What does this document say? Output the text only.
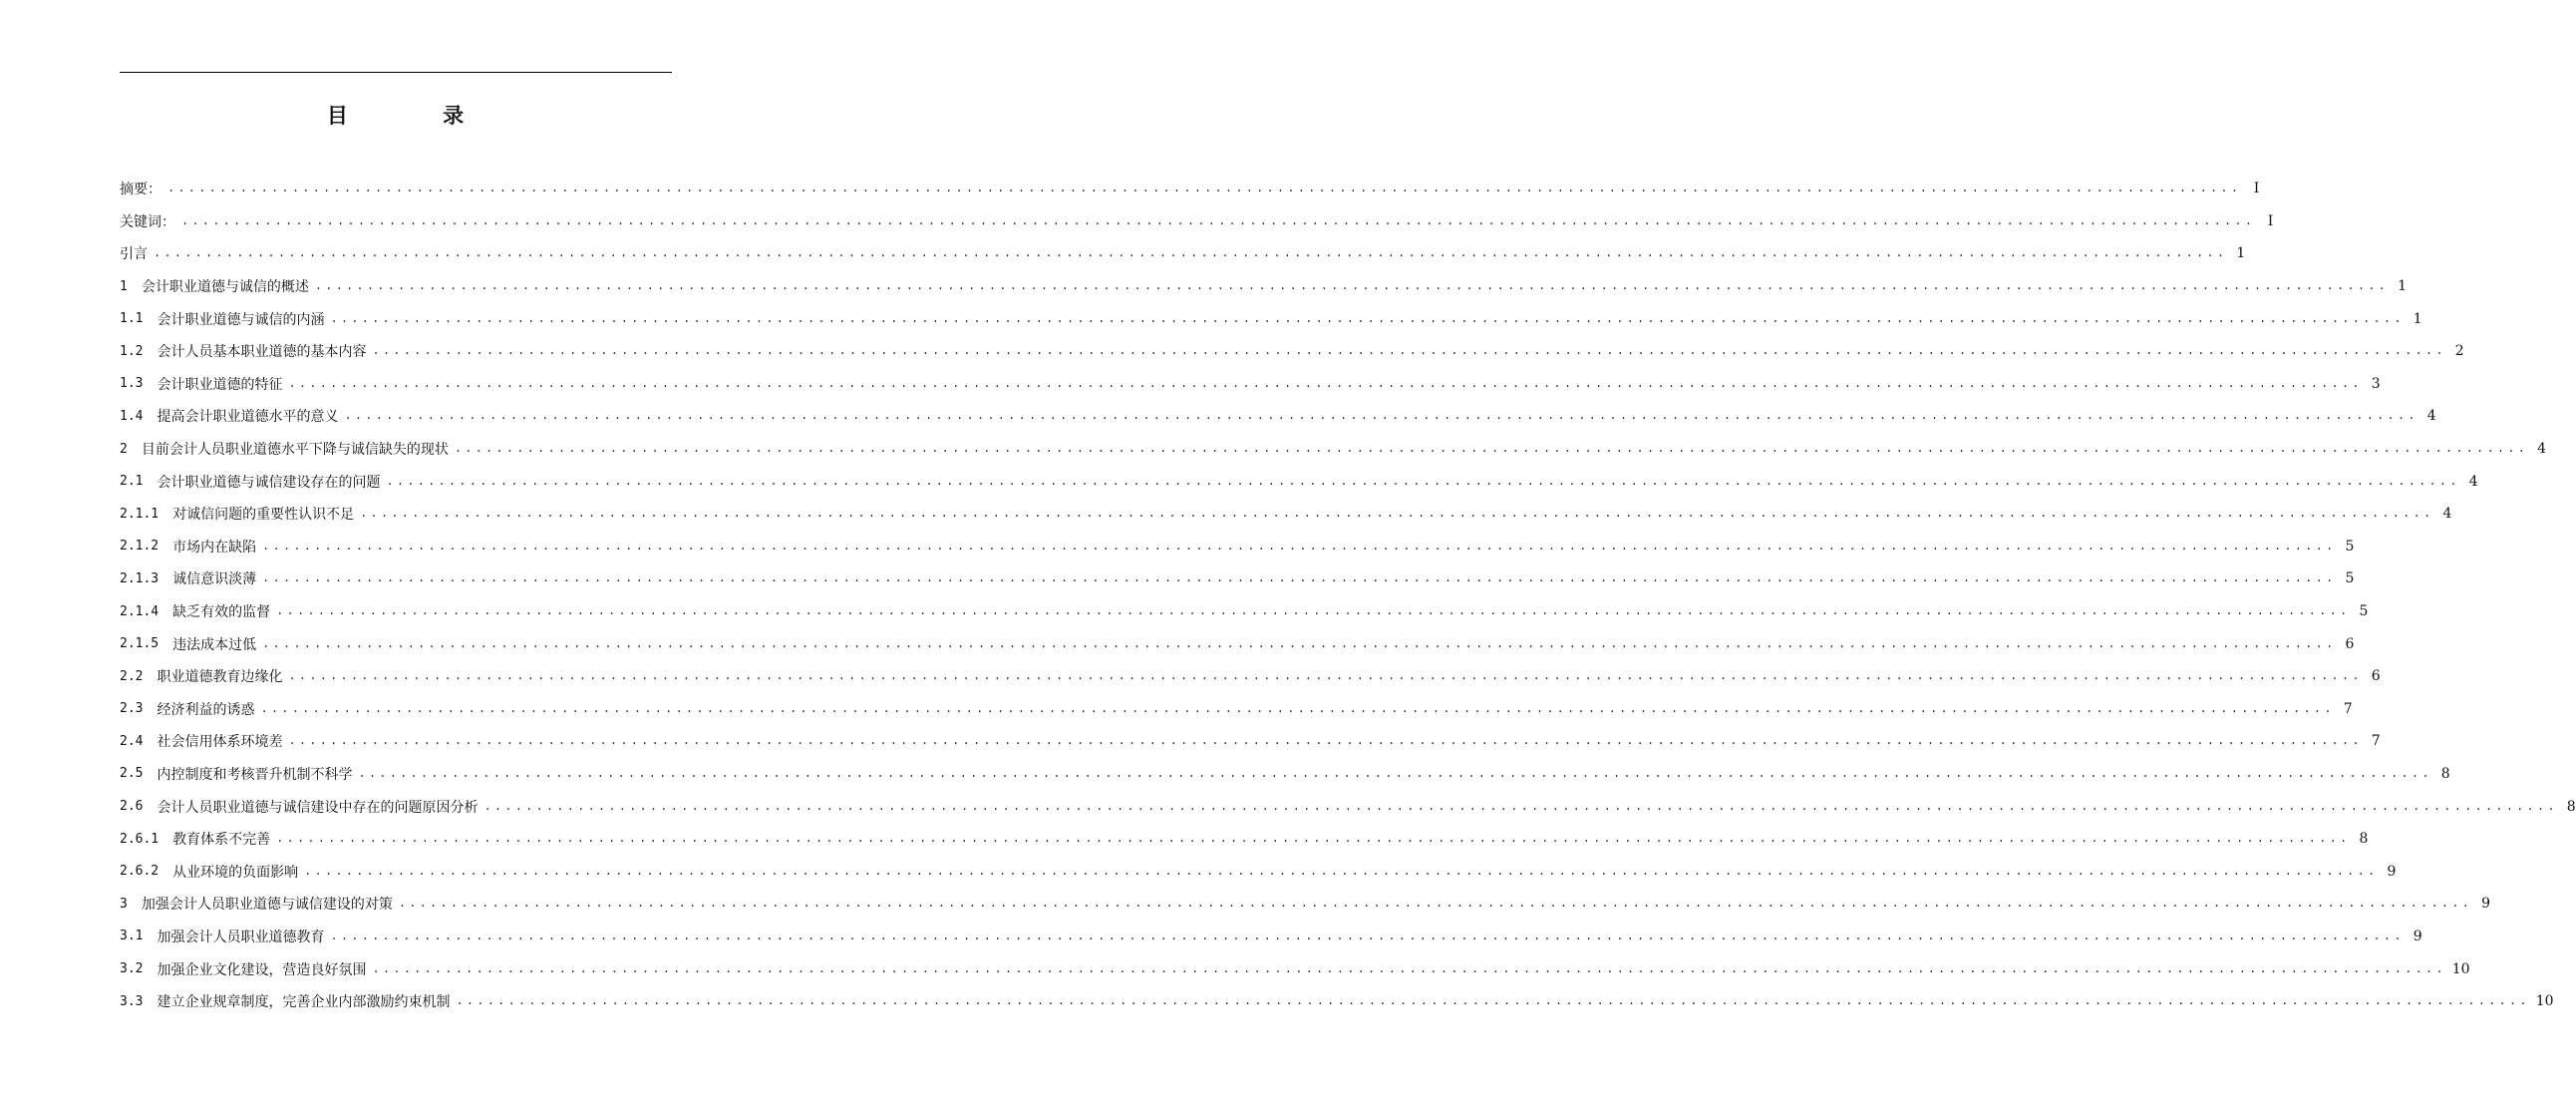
目 录
摘要： ........................................................................................................................................................................................................ I
关键词： ........................................................................................................................................................................................................ I
引言 ........................................................................................................................................................................................................ 1
1 会计职业道德与诚信的概述 ........................................................................................................................................................................................................ 1
1.1 会计职业道德与诚信的内涵 ........................................................................................................................................................................................................ 1
1.2 会计人员基本职业道德的基本内容 ........................................................................................................................................................................................................ 2
1.3 会计职业道德的特征 ........................................................................................................................................................................................................ 3
1.4 提高会计职业道德水平的意义 ........................................................................................................................................................................................................ 4
2 目前会计人员职业道德水平下降与诚信缺失的现状 ........................................................................................................................................................................................................ 4
2.1 会计职业道德与诚信建设存在的问题 ........................................................................................................................................................................................................ 4
2.1.1 对诚信问题的重要性认识不足 ........................................................................................................................................................................................................ 4
2.1.2 市场内在缺陷 ........................................................................................................................................................................................................ 5
2.1.3 诚信意识淡薄 ........................................................................................................................................................................................................ 5
2.1.4 缺乏有效的监督 ........................................................................................................................................................................................................ 5
2.1.5 违法成本过低 ........................................................................................................................................................................................................ 6
2.2 职业道德教育边缘化 ........................................................................................................................................................................................................ 6
2.3 经济利益的诱惑 ........................................................................................................................................................................................................ 7
2.4 社会信用体系环境差 ........................................................................................................................................................................................................ 7
2.5 内控制度和考核晋升机制不科学 ........................................................................................................................................................................................................ 8
2.6 会计人员职业道德与诚信建设中存在的问题原因分析 ........................................................................................................................................................................................................ 8
2.6.1 教育体系不完善 ........................................................................................................................................................................................................ 8
2.6.2 从业环境的负面影响 ........................................................................................................................................................................................................ 9
3 加强会计人员职业道德与诚信建设的对策 ........................................................................................................................................................................................................ 9
3.1 加强会计人员职业道德教育 ........................................................................................................................................................................................................ 9
3.2 加强企业文化建设，营造良好氛围 ........................................................................................................................................................................................................ 10
3.3 建立企业规章制度，完善企业内部激励约束机制 ........................................................................................................................................................................................................ 10
